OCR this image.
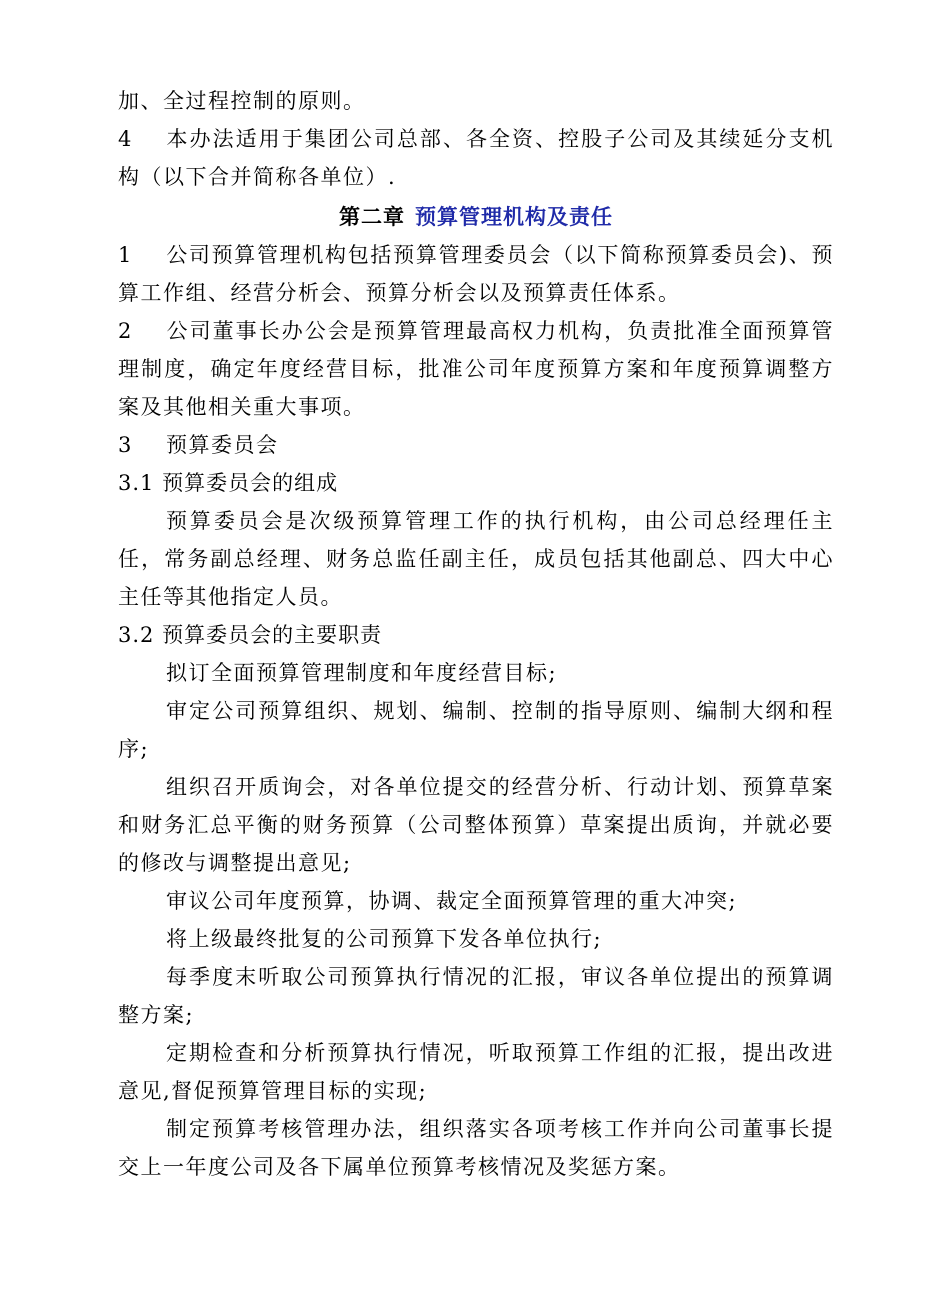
加、全过程控制的原则。

4 本办法适用于集团公司总部、各全资、控股子公司及其续延分支机构（以下合并简称各单位）.

第二章 预算管理机构及责任

1 公司预算管理机构包括预算管理委员会（以下简称预算委员会)、预算工作组、经营分析会、预算分析会以及预算责任体系。

2 公司董事长办公会是预算管理最高权力机构，负责批准全面预算管理制度，确定年度经营目标，批准公司年度预算方案和年度预算调整方案及其他相关重大事项。

3 预算委员会

3.1 预算委员会的组成

预算委员会是次级预算管理工作的执行机构，由公司总经理任主任，常务副总经理、财务总监任副主任，成员包括其他副总、四大中心主任等其他指定人员。

3.2 预算委员会的主要职责

拟订全面预算管理制度和年度经营目标;

审定公司预算组织、规划、编制、控制的指导原则、编制大纲和程序;

组织召开质询会，对各单位提交的经营分析、行动计划、预算草案和财务汇总平衡的财务预算（公司整体预算）草案提出质询，并就必要的修改与调整提出意见;

审议公司年度预算，协调、裁定全面预算管理的重大冲突;

将上级最终批复的公司预算下发各单位执行;

每季度末听取公司预算执行情况的汇报，审议各单位提出的预算调整方案;

定期检查和分析预算执行情况，听取预算工作组的汇报，提出改进意见,督促预算管理目标的实现;

制定预算考核管理办法，组织落实各项考核工作并向公司董事长提交上一年度公司及各下属单位预算考核情况及奖惩方案。
